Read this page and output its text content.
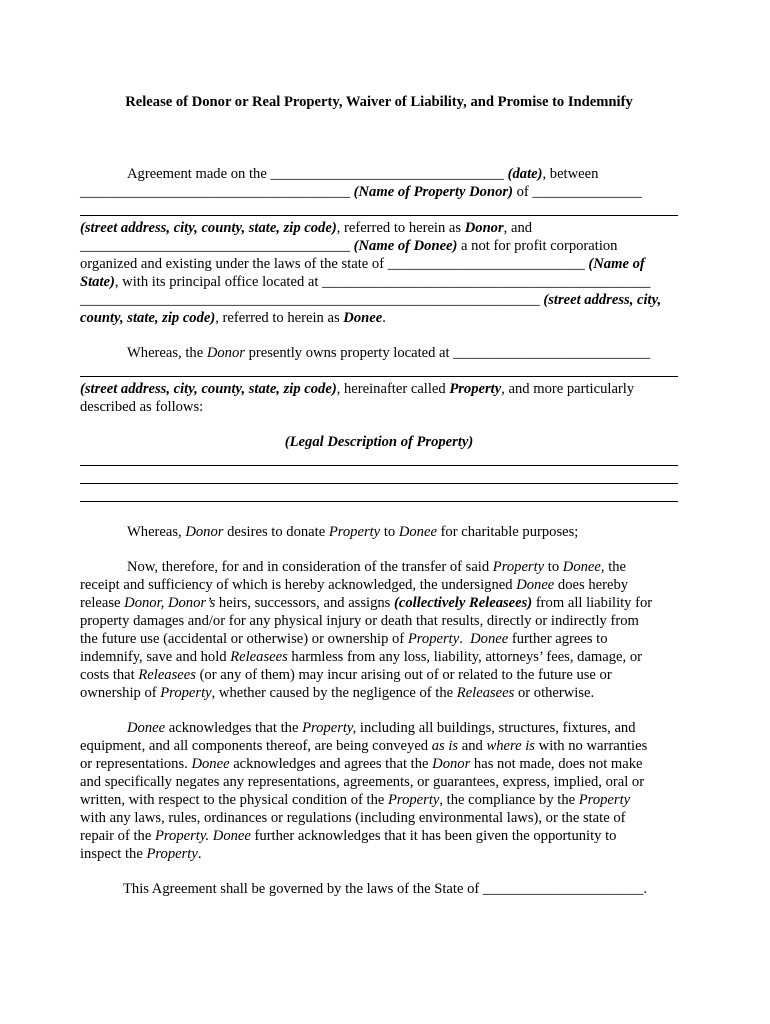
Release of Donor or Real Property, Waiver of Liability, and Promise to Indemnify
Agreement made on the ________________________________ (date), between
_____________________________________ (Name of Property Donor) of _______________
(street address, city, county, state, zip code), referred to herein as Donor, and
_____________________________________ (Name of Donee) a not for profit corporation
organized and existing under the laws of the state of ___________________________ (Name of
State), with its principal office located at _____________________________________________
_______________________________________________________________ (street address, city,
county, state, zip code), referred to herein as Donee.
Whereas, the Donor presently owns property located at ___________________________
(street address, city, county, state, zip code), hereinafter called Property, and more particularly
described as follows:
(Legal Description of Property)
Whereas, Donor desires to donate Property to Donee for charitable purposes;
Now, therefore, for and in consideration of the transfer of said Property to Donee, the
receipt and sufficiency of which is hereby acknowledged, the undersigned Donee does hereby
release Donor, Donor’s heirs, successors, and assigns (collectively Releasees) from all liability for
property damages and/or for any physical injury or death that results, directly or indirectly from
the future use (accidental or otherwise) or ownership of Property.  Donee further agrees to
indemnify, save and hold Releasees harmless from any loss, liability, attorneys’ fees, damage, or
costs that Releasees (or any of them) may incur arising out of or related to the future use or
ownership of Property, whether caused by the negligence of the Releasees or otherwise.
Donee acknowledges that the Property, including all buildings, structures, fixtures, and
equipment, and all components thereof, are being conveyed as is and where is with no warranties
or representations. Donee acknowledges and agrees that the Donor has not made, does not make
and specifically negates any representations, agreements, or guarantees, express, implied, oral or
written, with respect to the physical condition of the Property, the compliance by the Property
with any laws, rules, ordinances or regulations (including environmental laws), or the state of
repair of the Property. Donee further acknowledges that it has been given the opportunity to
inspect the Property.
This Agreement shall be governed by the laws of the State of ______________________.
